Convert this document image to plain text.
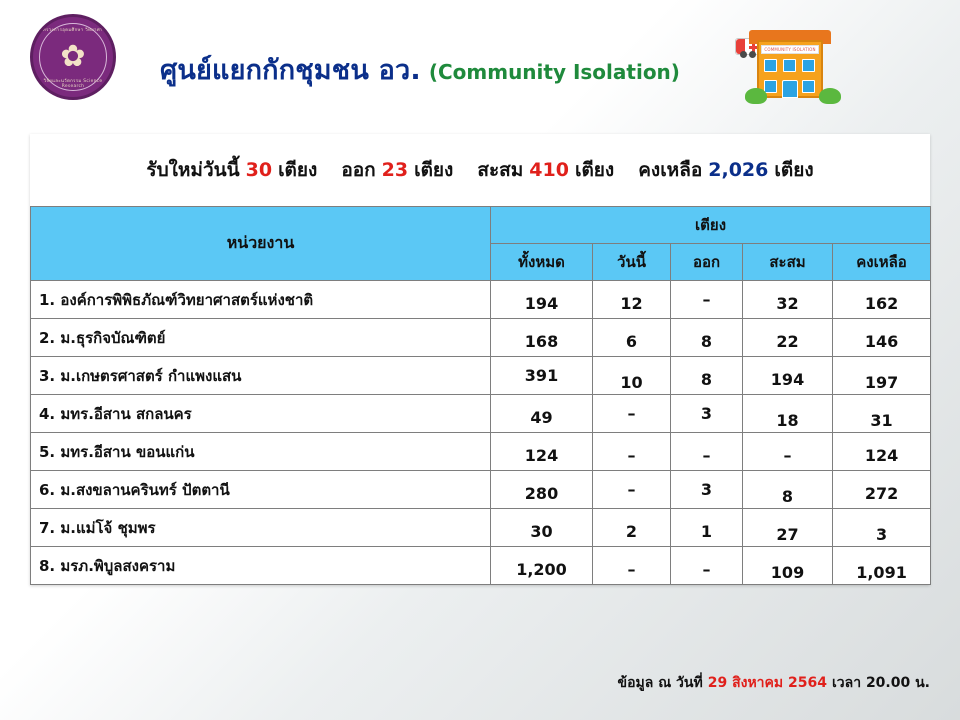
กระทรวงการอุดมศึกษา วิทยาศาสตร์
✿
วิจัยและนวัตกรรม Science Research
ศูนย์แยกกักชุมชน อว. (Community Isolation)
COMMUNITY ISOLATION
รับใหม่วันนี้ 30 เตียง ออก 23 เตียง สะสม 410 เตียง คงเหลือ 2,026 เตียง
หน่วยงาน	เตียง				
	ทั้งหมด	วันนี้	ออก	สะสม	คงเหลือ
1. องค์การพิพิธภัณฑ์วิทยาศาสตร์แห่งชาติ	194	12	–	32	162
2. ม.ธุรกิจบัณฑิตย์	168	6	8	22	146
3. ม.เกษตรศาสตร์ กำแพงแสน	391	10	8	194	197
4. มทร.อีสาน สกลนคร	49	–	3	18	31
5. มทร.อีสาน ขอนแก่น	124	–	–	–	124
6. ม.สงขลานครินทร์ ปัตตานี	280	–	3	8	272
7. ม.แม่โจ้ ชุมพร	30	2	1	27	3
8. มรภ.พิบูลสงคราม	1,200	–	–	109	1,091
ข้อมูล ณ วันที่ 29 สิงหาคม 2564 เวลา 20.00 น.
